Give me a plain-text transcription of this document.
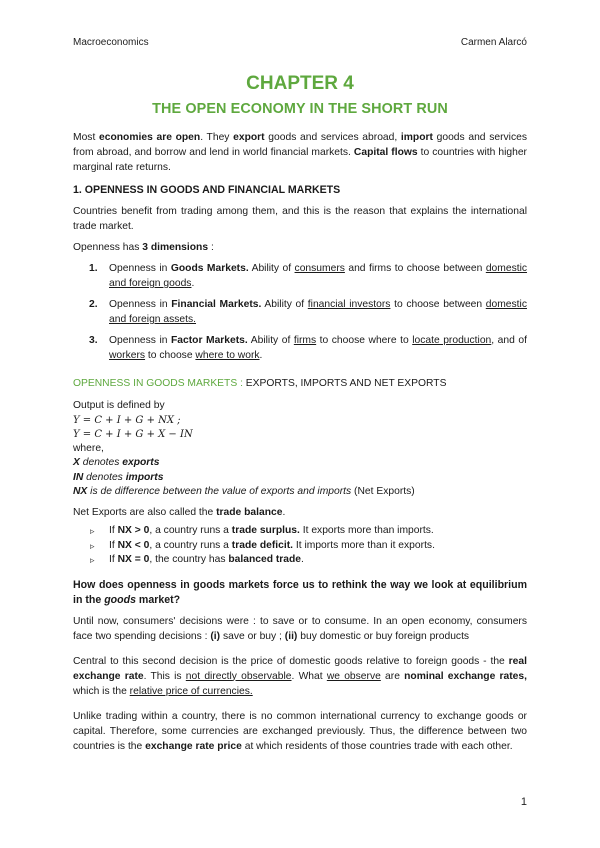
Macroeconomics	Carmen Alarcó
CHAPTER 4
THE OPEN ECONOMY IN THE SHORT RUN

Most economies are open. They export goods and services abroad, import goods and services from abroad, and borrow and lend in world financial markets. Capital flows to countries with higher marginal rate returns.

1. OPENNESS IN GOODS AND FINANCIAL MARKETS

Countries benefit from trading among them, and this is the reason that explains the international trade market.

Openness has 3 dimensions :

1.	Openness in Goods Markets. Ability of consumers and firms to choose between domestic and foreign goods.
2.	Openness in Financial Markets. Ability of financial investors to choose between domestic and foreign assets.
3.	Openness in Factor Markets. Ability of firms to choose where to locate production, and of workers to choose where to work.
OPENNESS IN GOODS MARKETS : EXPORTS, IMPORTS AND NET EXPORTS

Output is defined by

Y = C + I + G + NX ;
Y = C + I + G + X − IN

where,

X denotes exports

IN denotes imports

NX is de difference between the value of exports and imports (Net Exports)

Net Exports are also called the trade balance.

▹ If NX > 0, a country runs a trade surplus. It exports more than imports.
▹ If NX < 0, a country runs a trade deficit. It imports more than it exports.
▹ If NX = 0, the country has balanced trade.
How does openness in goods markets force us to rethink the way we look at equilibrium in the goods market?

Until now, consumers' decisions were : to save or to consume. In an open economy, consumers face two spending decisions : (i) save or buy ; (ii) buy domestic or buy foreign products

Central to this second decision is the price of domestic goods relative to foreign goods - the real exchange rate. This is not directly observable. What we observe are nominal exchange rates, which is the relative price of currencies.

Unlike trading within a country, there is no common international currency to exchange goods or capital. Therefore, some currencies are exchanged previously. Thus, the difference between two countries is the exchange rate price at which residents of those countries trade with each other.

1
